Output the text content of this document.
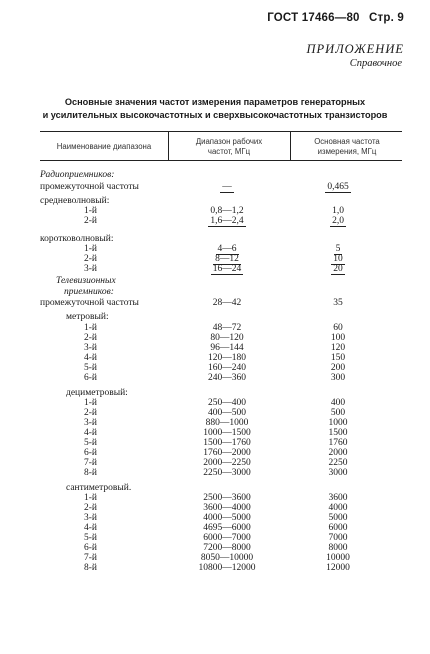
ГОСТ 17466—80 Стр. 9
ПРИЛОЖЕНИЕ
Справочное
Основные значения частот измерения параметров генераторных
и усилительных высокочастотных и сверхвысокочастотных транзисторов
Наименование диапазона
Диапазон рабочих
частот, МГц
Основная частота
измерения, МГц
Радиоприемников:
промежуточной частоты	—	0,465
средневолновый:
1-й	0,8—1,2	1,0
2-й	1,6—2,4	2,0
коротковолновый:
1-й	4—6	5
2-й	8—12	10
3-й	16—24	20
Телевизионных
приемников:
промежуточной частоты	28—42	35
метровый:
1-й	48—72	60
2-й	80—120	100
3-й	96—144	120
4-й	120—180	150
5-й	160—240	200
6-й	240—360	300
дециметровый:
1-й	250—400	400
2-й	400—500	500
3-й	880—1000	1000
4-й	1000—1500	1500
5-й	1500—1760	1760
6-й	1760—2000	2000
7-й	2000—2250	2250
8-й	2250—3000	3000
сантиметровый.
1-й	2500—3600	3600
2-й	3600—4000	4000
3-й	4000—5000	5000
4-й	4695—6000	6000
5-й	6000—7000	7000
6-й	7200—8000	8000
7-й	8050—10000	10000
8-й	10800—12000	12000
